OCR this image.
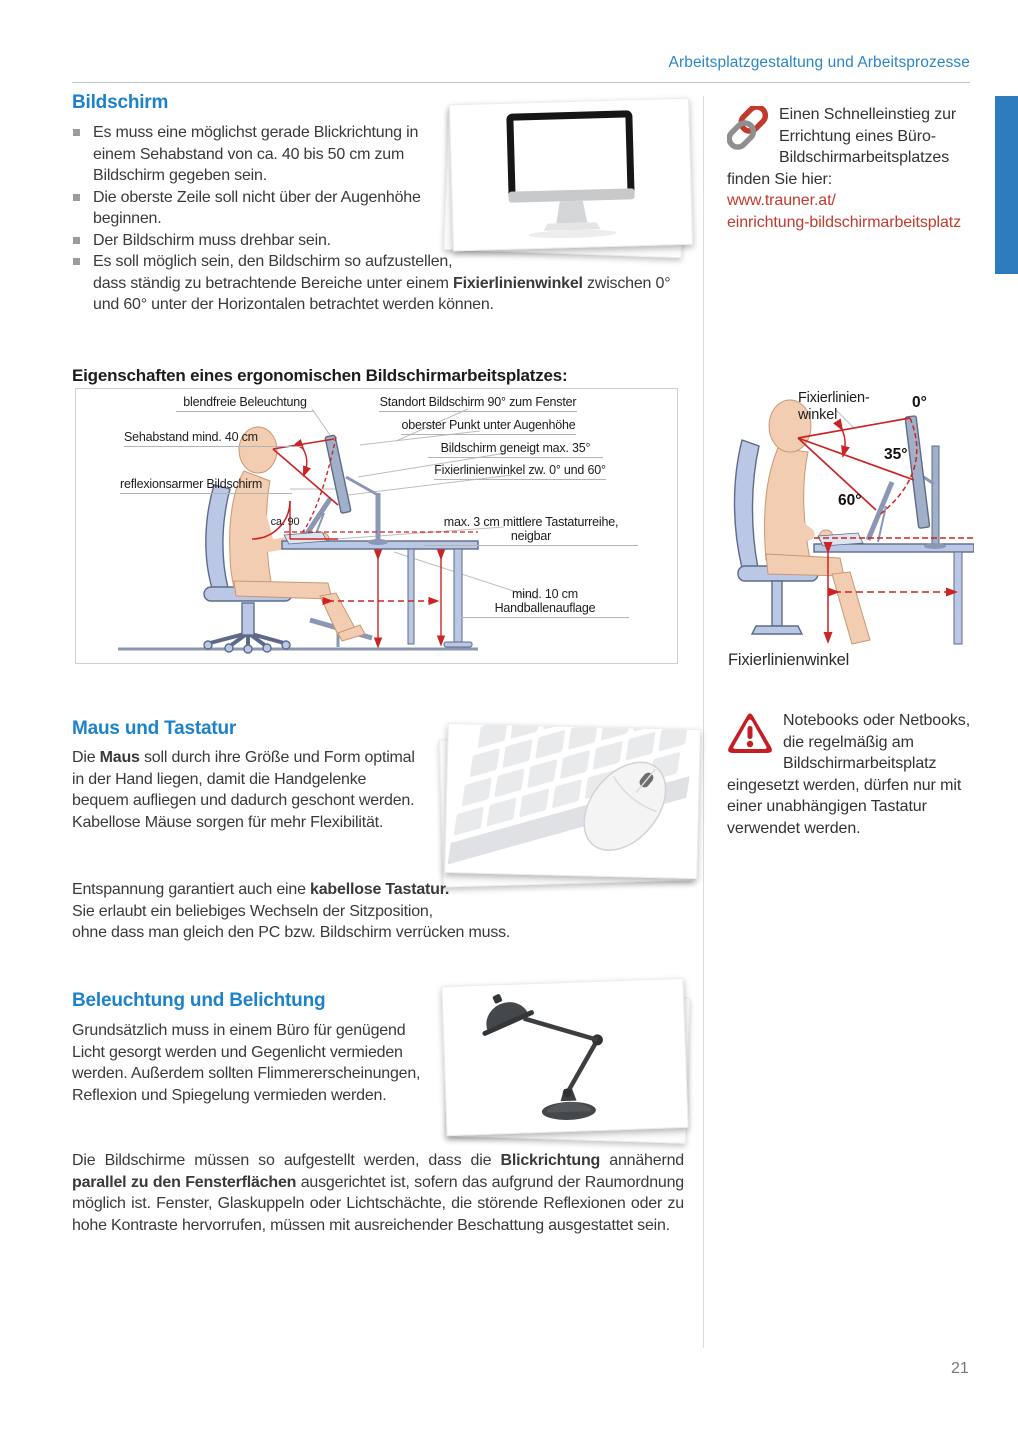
Arbeitsplatzgestaltung und Arbeitsprozesse
Bildschirm
Es muss eine möglichst gerade Blickrichtung in einem Sehabstand von ca. 40 bis 50 cm zum Bildschirm gegeben sein.
Die oberste Zeile soll nicht über der Augenhöhe beginnen.
Der Bildschirm muss drehbar sein.
Es soll möglich sein, den Bildschirm so aufzustellen, dass ständig zu betrachtende Bereiche unter einem Fixierlinienwinkel zwischen 0° und 60° unter der Horizontalen betrachtet werden können.
Einen Schnelleinstieg zur Errichtung eines Büro-Bildschirmarbeitsplatzes finden Sie hier:
www.trauner.at/
einrichtung-bildschirmarbeitsplatz
Eigenschaften eines ergonomischen Bildschirmarbeitsplatzes:
blendfreie Beleuchtung	Standort Bildschirm 90° zum Fenster
oberster Punkt unter Augenhöhe
Sehabstand mind. 40 cm
Bildschirm geneigt max. 35°
Fixierlinienwinkel zw. 0° und 60°
reflexionsarmer Bildschirm
ca. 90	max. 3 cm mittlere Tastaturreihe, neigbar
mind. 10 cm Handballenauflage
Fixierlinien-
winkel
0°
35°
60°
Fixierlinienwinkel
Maus und Tastatur
Die Maus soll durch ihre Größe und Form optimal in der Hand liegen, damit die Handgelenke bequem aufliegen und dadurch geschont werden. Kabellose Mäuse sorgen für mehr Flexibilität.
Entspannung garantiert auch eine kabellose Tastatur. Sie erlaubt ein beliebiges Wechseln der Sitzposition, ohne dass man gleich den PC bzw. Bildschirm verrücken muss.
Notebooks oder Netbooks, die regelmäßig am Bildschirmarbeitsplatz eingesetzt werden, dürfen nur mit einer unabhängigen Tastatur verwendet werden.
Beleuchtung und Belichtung
Grundsätzlich muss in einem Büro für genügend Licht gesorgt werden und Gegenlicht vermieden werden. Außerdem sollten Flimmererscheinungen, Reflexion und Spiegelung vermieden werden.
Die Bildschirme müssen so aufgestellt werden, dass die Blickrichtung annähernd parallel zu den Fensterflächen ausgerichtet ist, sofern das aufgrund der Raumordnung möglich ist. Fenster, Glaskuppeln oder Lichtschächte, die störende Reflexionen oder zu hohe Kontraste hervorrufen, müssen mit ausreichender Beschattung ausgestattet sein.
21
